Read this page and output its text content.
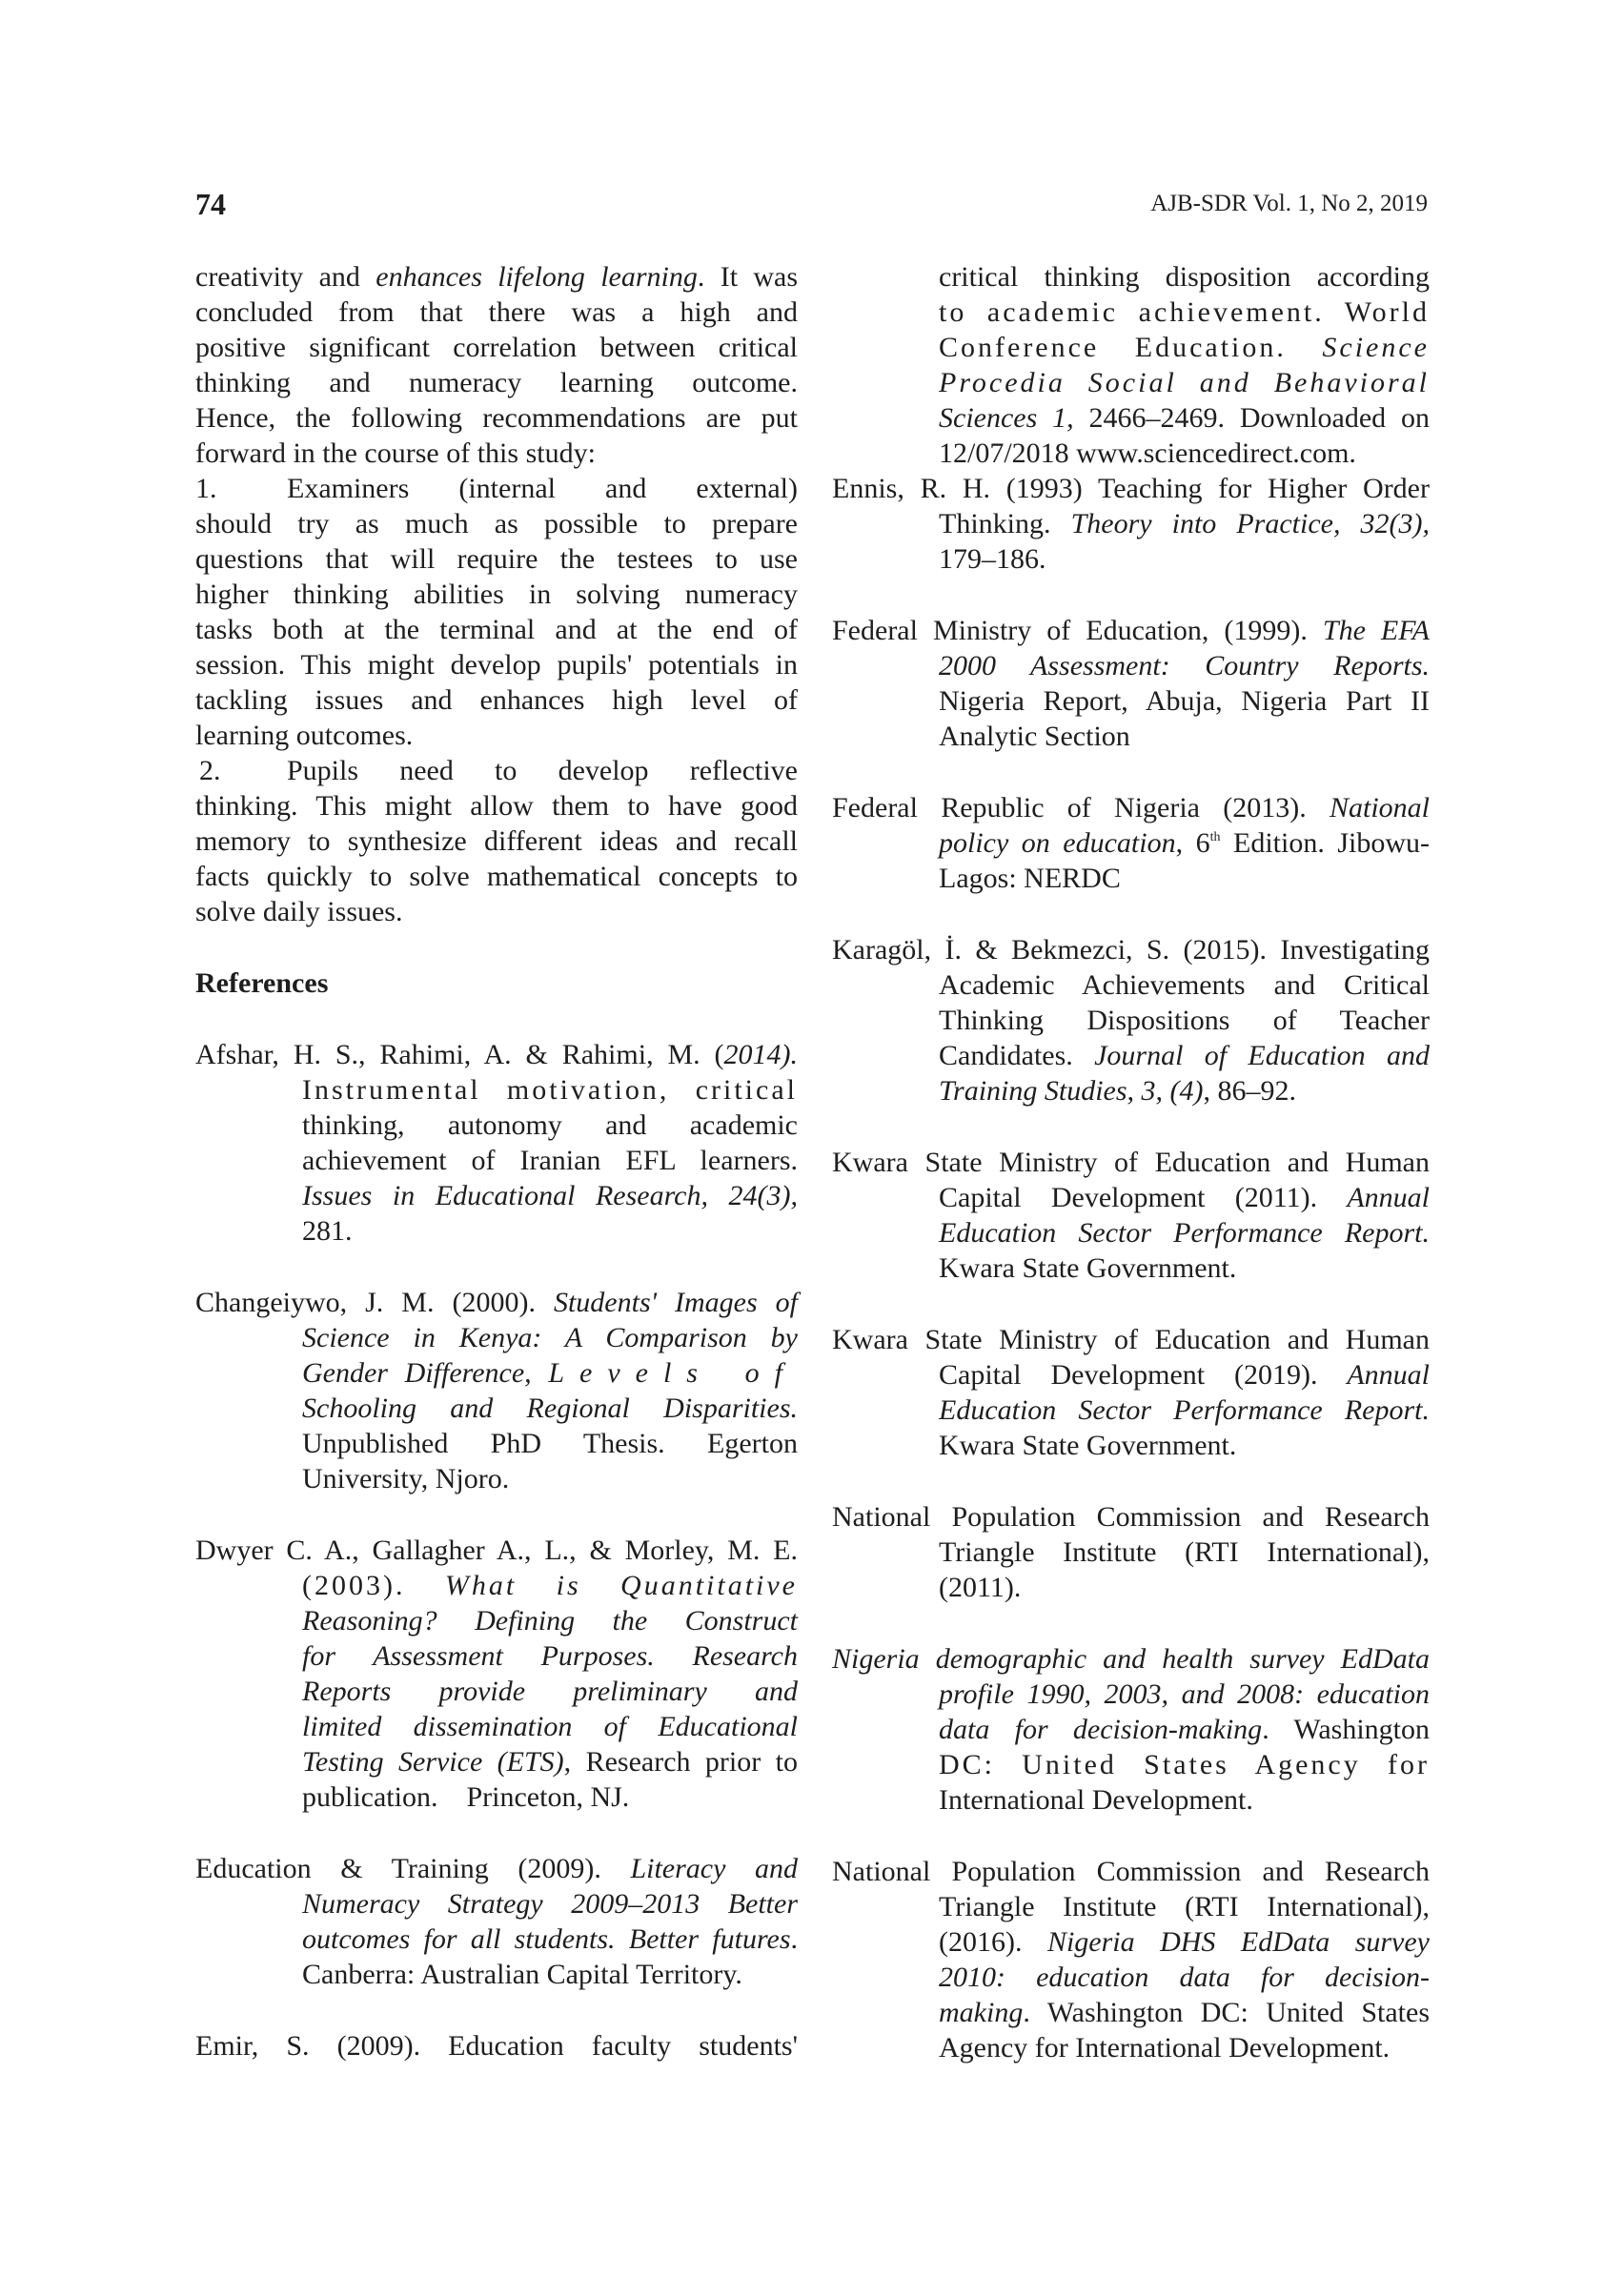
74	AJB-SDR Vol. 1, No 2, 2019
creativity and enhances lifelong learning. It was
concluded from that there was a high and
positive significant correlation between critical
thinking and numeracy learning outcome.
Hence, the following recommendations are put
forward in the course of this study:
1. Examiners (internal and external)
should try as much as possible to prepare
questions that will require the testees to use
higher thinking abilities in solving numeracy
tasks both at the terminal and at the end of
session. This might develop pupils' potentials in
tackling issues and enhances high level of
learning outcomes.
2. Pupils need to develop reflective
thinking. This might allow them to have good
memory to synthesize different ideas and recall
facts quickly to solve mathematical concepts to
solve daily issues.
References
Afshar, H. S., Rahimi, A. & Rahimi, M. (2014).
Instrumental motivation, critical
thinking, autonomy and academic
achievement of Iranian EFL learners.
Issues in Educational Research, 24(3),
281.
Changeiywo, J. M. (2000). Students' Images of
Science in Kenya: A Comparison by
Gender Difference, Levels of
Schooling and Regional Disparities.
Unpublished PhD Thesis. Egerton
University, Njoro.
Dwyer C. A., Gallagher A., L., & Morley, M. E.
(2003). What is Quantitative
Reasoning? Defining the Construct
for Assessment Purposes. Research
Reports provide preliminary and
limited dissemination of Educational
Testing Service (ETS), Research prior to
publication.    Princeton, NJ.
Education & Training (2009). Literacy and
Numeracy Strategy 2009–2013 Better
outcomes for all students. Better futures.
Canberra: Australian Capital Territory.
Emir, S. (2009). Education faculty students'
critical thinking disposition according
to academic achievement. World
Conference Education. Science
Procedia Social and Behavioral
Sciences 1, 2466–2469. Downloaded on
12/07/2018 www.sciencedirect.com.
Ennis, R. H. (1993) Teaching for Higher Order
Thinking. Theory into Practice, 32(3),
179–186.
Federal Ministry of Education, (1999). The EFA
2000 Assessment: Country Reports.
Nigeria Report, Abuja, Nigeria Part II
Analytic Section
Federal Republic of Nigeria (2013). National
policy on education, 6th Edition. Jibowu-
Lagos: NERDC
Karagöl, İ. & Bekmezci, S. (2015). Investigating
Academic Achievements and Critical
Thinking Dispositions of Teacher
Candidates. Journal of Education and
Training Studies, 3, (4), 86–92.
Kwara State Ministry of Education and Human
Capital Development (2011). Annual
Education Sector Performance Report.
Kwara State Government.
Kwara State Ministry of Education and Human
Capital Development (2019). Annual
Education Sector Performance Report.
Kwara State Government.
National Population Commission and Research
Triangle Institute (RTI International),
(2011).
Nigeria demographic and health survey EdData
profile 1990, 2003, and 2008: education
data for decision-making. Washington
DC: United States Agency for
International Development.
National Population Commission and Research
Triangle Institute (RTI International),
(2016). Nigeria DHS EdData survey
2010: education data for decision-
making. Washington DC: United States
Agency for International Development.
